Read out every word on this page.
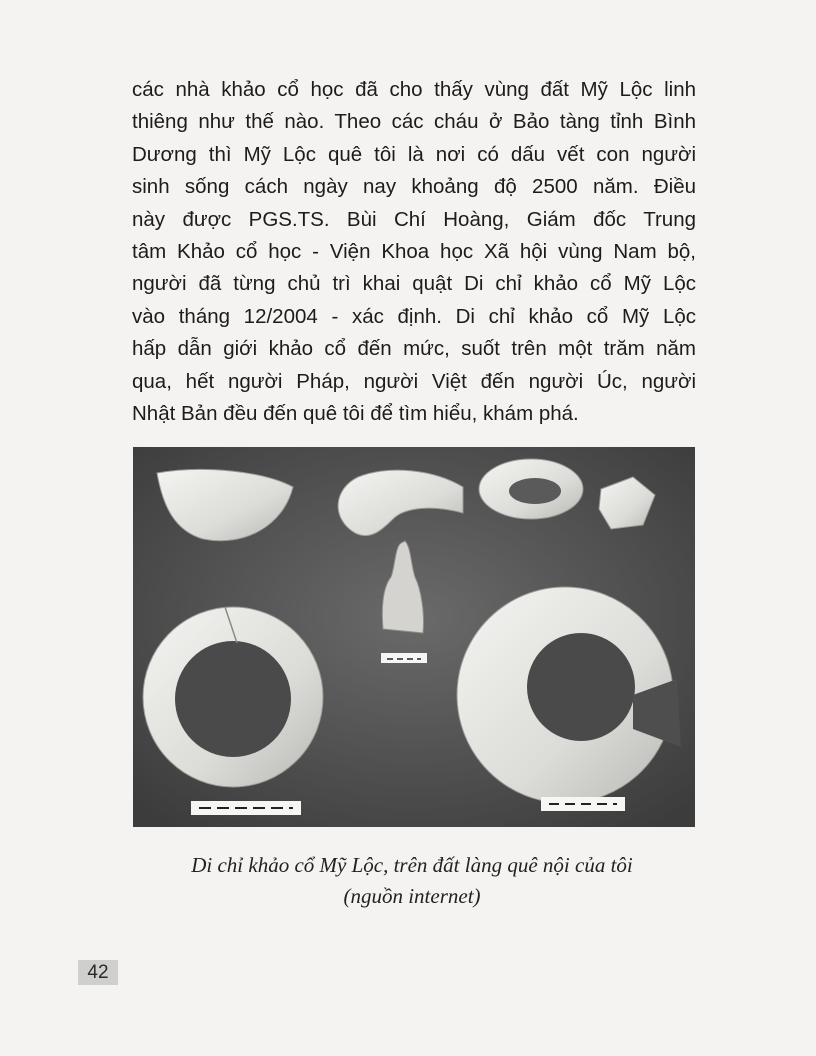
các nhà khảo cổ học đã cho thấy vùng đất Mỹ Lộc linh
thiêng như thế nào. Theo các cháu ở Bảo tàng tỉnh Bình
Dương thì Mỹ Lộc quê tôi là nơi có dấu vết con người
sinh sống cách ngày nay khoảng độ 2500 năm. Điều
này được PGS.TS. Bùi Chí Hoàng, Giám đốc Trung
tâm Khảo cổ học - Viện Khoa học Xã hội vùng Nam bộ,
người đã từng chủ trì khai quật Di chỉ khảo cổ Mỹ Lộc
vào tháng 12/2004 - xác định. Di chỉ khảo cổ Mỹ Lộc
hấp dẫn giới khảo cổ đến mức, suốt trên một trăm năm
qua, hết người Pháp, người Việt đến người Úc, người
Nhật Bản đều đến quê tôi để tìm hiểu, khám phá.
Di chỉ khảo cổ Mỹ Lộc, trên đất làng quê nội của tôi
(nguồn internet)
42
